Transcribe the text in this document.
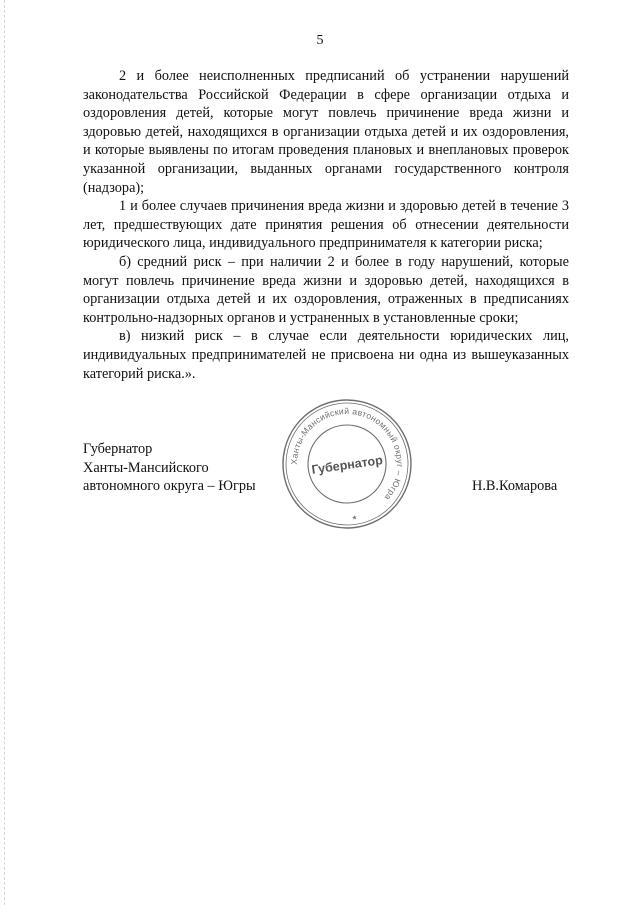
5

2 и более неисполненных предписаний об устранении нарушений законодательства Российской Федерации в сфере организации отдыха и оздоровления детей, которые могут повлечь причинение вреда жизни и здоровью детей, находящихся в организации отдыха детей и их оздоровления, и которые выявлены по итогам проведения плановых и внеплановых проверок указанной организации, выданных органами государственного контроля (надзора);

1 и более случаев причинения вреда жизни и здоровью детей в течение 3 лет, предшествующих дате принятия решения об отнесении деятельности юридического лица, индивидуального предпринимателя к категории риска;

б) средний риск – при наличии 2 и более в году нарушений, которые могут повлечь причинение вреда жизни и здоровью детей, находящихся в организации отдыха детей и их оздоровления, отраженных в предписаниях контрольно-надзорных органов и устраненных в установленные сроки;

в) низкий риск – в случае если деятельности юридических лиц, индивидуальных предпринимателей не присвоена ни одна из вышеуказанных категорий риска.».

Губернатор
Ханты-Мансийского
автономного округа – Югры
Ханты-Мансийский автономный округ – Югра
Губернатор
★
Н.В.Комарова
